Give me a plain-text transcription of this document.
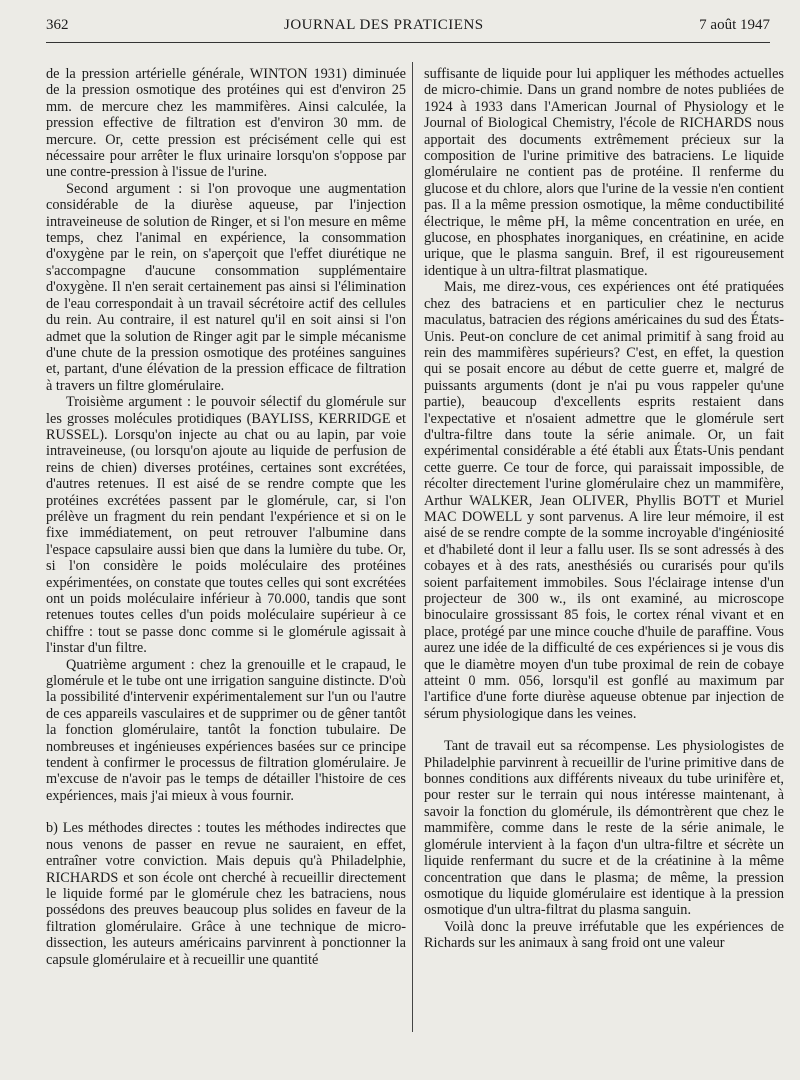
362	JOURNAL DES PRATICIENS	7 août 1947

de la pression artérielle générale, WINTON 1931) diminuée de la pression osmotique des protéines qui est d'environ 25 mm. de mercure chez les mammifères. Ainsi calculée, la pression effective de filtration est d'environ 30 mm. de mercure. Or, cette pression est précisément celle qui est nécessaire pour arrêter le flux urinaire lorsqu'on s'oppose par une contre-pression à l'issue de l'urine.

Second argument : si l'on provoque une augmentation considérable de la diurèse aqueuse, par l'injection intraveineuse de solution de Ringer, et si l'on mesure en même temps, chez l'animal en expérience, la consommation d'oxygène par le rein, on s'aperçoit que l'effet diurétique ne s'accompagne d'aucune consommation supplémentaire d'oxygène. Il n'en serait certainement pas ainsi si l'élimination de l'eau correspondait à un travail sécrétoire actif des cellules du rein. Au contraire, il est naturel qu'il en soit ainsi si l'on admet que la solution de Ringer agit par le simple mécanisme d'une chute de la pression osmotique des protéines sanguines et, partant, d'une élévation de la pression efficace de filtration à travers un filtre glomérulaire.

Troisième argument : le pouvoir sélectif du glomérule sur les grosses molécules protidiques (BAYLISS, KERRIDGE et RUSSEL). Lorsqu'on injecte au chat ou au lapin, par voie intraveineuse, (ou lorsqu'on ajoute au liquide de perfusion de reins de chien) diverses protéines, certaines sont excrétées, d'autres retenues. Il est aisé de se rendre compte que les protéines excrétées passent par le glomérule, car, si l'on prélève un fragment du rein pendant l'expérience et si on le fixe immédiatement, on peut retrouver l'albumine dans l'espace capsulaire aussi bien que dans la lumière du tube. Or, si l'on considère le poids moléculaire des protéines expérimentées, on constate que toutes celles qui sont excrétées ont un poids moléculaire inférieur à 70.000, tandis que sont retenues toutes celles d'un poids moléculaire supérieur à ce chiffre : tout se passe donc comme si le glomérule agissait à l'instar d'un filtre.

Quatrième argument : chez la grenouille et le crapaud, le glomérule et le tube ont une irrigation sanguine distincte. D'où la possibilité d'intervenir expérimentalement sur l'un ou l'autre de ces appareils vasculaires et de supprimer ou de gêner tantôt la fonction glomérulaire, tantôt la fonction tubulaire. De nombreuses et ingénieuses expériences basées sur ce principe tendent à confirmer le processus de filtration glomérulaire. Je m'excuse de n'avoir pas le temps de détailler l'histoire de ces expériences, mais j'ai mieux à vous fournir.

b) Les méthodes directes : toutes les méthodes indirectes que nous venons de passer en revue ne sauraient, en effet, entraîner votre conviction. Mais depuis qu'à Philadelphie, RICHARDS et son école ont cherché à recueillir directement le liquide formé par le glomérule chez les batraciens, nous possédons des preuves beaucoup plus solides en faveur de la filtration glomérulaire. Grâce à une technique de micro-dissection, les auteurs américains parvinrent à ponctionner la capsule glomérulaire et à recueillir une quantité

suffisante de liquide pour lui appliquer les méthodes actuelles de micro-chimie. Dans un grand nombre de notes publiées de 1924 à 1933 dans l'American Journal of Physiology et le Journal of Biological Chemistry, l'école de RICHARDS nous apportait des documents extrêmement précieux sur la composition de l'urine primitive des batraciens. Le liquide glomérulaire ne contient pas de protéine. Il renferme du glucose et du chlore, alors que l'urine de la vessie n'en contient pas. Il a la même pression osmotique, la même conductibilité électrique, le même pH, la même concentration en urée, en glucose, en phosphates inorganiques, en créatinine, en acide urique, que le plasma sanguin. Bref, il est rigoureusement identique à un ultra-filtrat plasmatique.

Mais, me direz-vous, ces expériences ont été pratiquées chez des batraciens et en particulier chez le necturus maculatus, batracien des régions américaines du sud des États-Unis. Peut-on conclure de cet animal primitif à sang froid au rein des mammifères supérieurs? C'est, en effet, la question qui se posait encore au début de cette guerre et, malgré de puissants arguments (dont je n'ai pu vous rappeler qu'une partie), beaucoup d'excellents esprits restaient dans l'expectative et n'osaient admettre que le glomérule sert d'ultra-filtre dans toute la série animale. Or, un fait expérimental considérable a été établi aux États-Unis pendant cette guerre. Ce tour de force, qui paraissait impossible, de récolter directement l'urine glomérulaire chez un mammifère, Arthur WALKER, Jean OLIVER, Phyllis BOTT et Muriel MAC DOWELL y sont parvenus. A lire leur mémoire, il est aisé de se rendre compte de la somme incroyable d'ingéniosité et d'habileté dont il leur a fallu user. Ils se sont adressés à des cobayes et à des rats, anesthésiés ou curarisés pour qu'ils soient parfaitement immobiles. Sous l'éclairage intense d'un projecteur de 300 w., ils ont examiné, au microscope binoculaire grossissant 85 fois, le cortex rénal vivant et en place, protégé par une mince couche d'huile de paraffine. Vous aurez une idée de la difficulté de ces expériences si je vous dis que le diamètre moyen d'un tube proximal de rein de cobaye atteint 0 mm. 056, lorsqu'il est gonflé au maximum par l'artifice d'une forte diurèse aqueuse obtenue par injection de sérum physiologique dans les veines.

Tant de travail eut sa récompense. Les physiologistes de Philadelphie parvinrent à recueillir de l'urine primitive dans de bonnes conditions aux différents niveaux du tube urinifère et, pour rester sur le terrain qui nous intéresse maintenant, à savoir la fonction du glomérule, ils démontrèrent que chez le mammifère, comme dans le reste de la série animale, le glomérule intervient à la façon d'un ultra-filtre et sécrète un liquide renfermant du sucre et de la créatinine à la même concentration que dans le plasma; de même, la pression osmotique du liquide glomérulaire est identique à la pression osmotique d'un ultra-filtrat du plasma sanguin.

Voilà donc la preuve irréfutable que les expériences de Richards sur les animaux à sang froid ont une valeur
